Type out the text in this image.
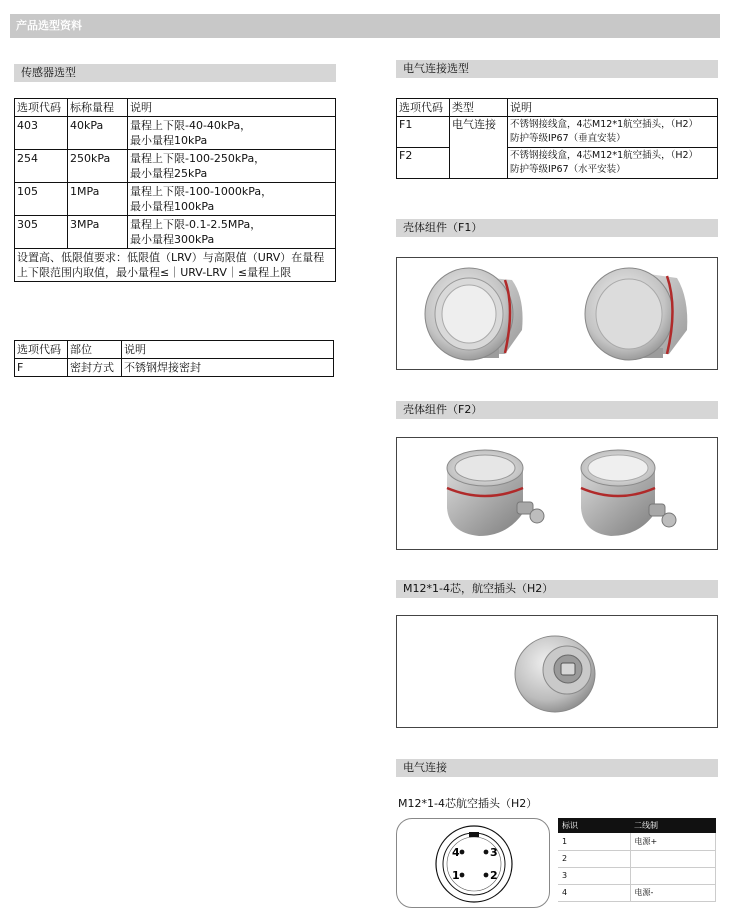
产品选型资料
传感器选型
选项代码	标称量程	说明
403	40kPa	量程上下限-40-40kPa，
最小量程10kPa

254	250kPa	量程上下限-100-250kPa，
最小量程25kPa

105	1MPa	量程上下限-100-1000kPa，
最小量程100kPa

305	3MPa	量程上下限-0.1-2.5MPa，
最小量程300kPa

设置高、低限值要求：低限值（LRV）与高限值（URV）在量程上下限范围内取值，最小量程≤｜URV-LRV｜≤量程上限		
选项代码	部位	说明
F	密封方式	不锈钢焊接密封
电气连接选型
选项代码	类型	说明
F1	电气连接	不锈钢接线盒，4芯M12*1航空插头，（H2）
防护等级IP67（垂直安装）

F2		不锈钢接线盒，4芯M12*1航空插头，（H2）
防护等级IP67（水平安装）
壳体组件（F1）
壳体组件（F2）
M12*1-4芯，航空插头（H2）
电气连接
M12*1-4芯航空插头（H2）
4	3
1	2
标识	二线制
1	电源+
2	
3	
4	电源-
